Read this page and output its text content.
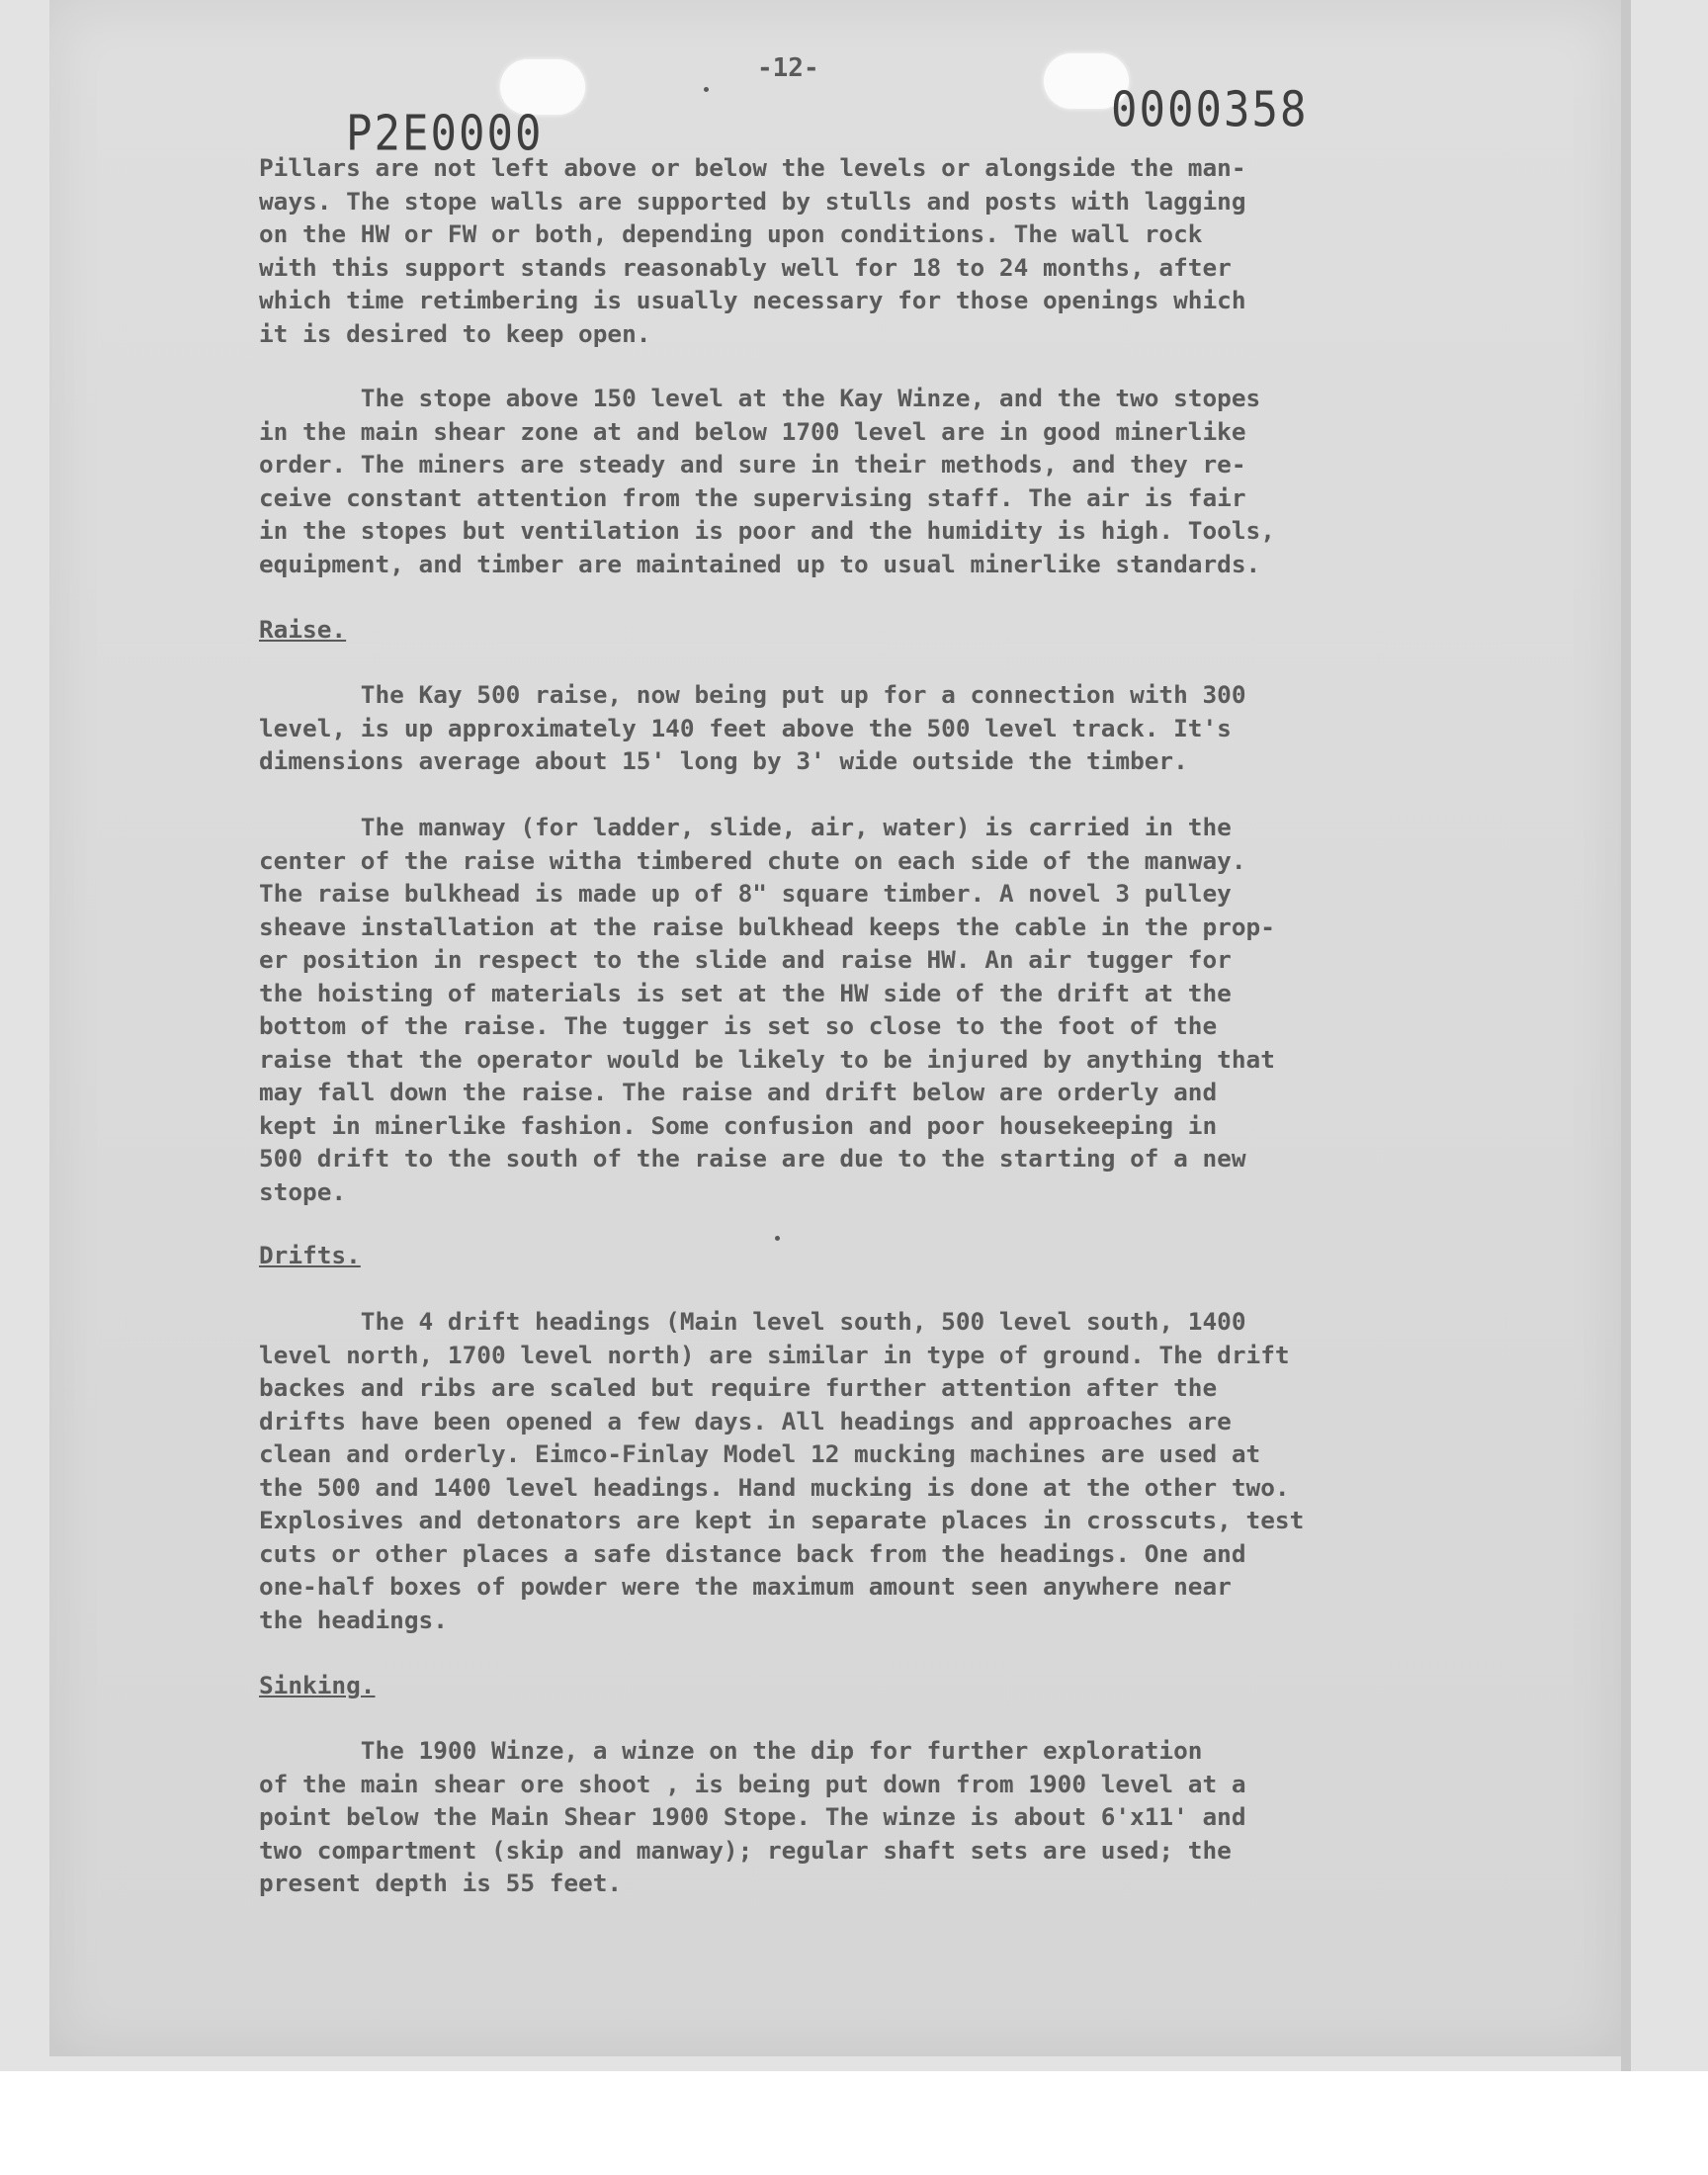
-12-
P2E0000	0000358
Pillars are not left above or below the levels or alongside the man-
ways. The stope walls are supported by stulls and posts with lagging
on the HW or FW or both, depending upon conditions. The wall rock
with this support stands reasonably well for 18 to 24 months, after
which time retimbering is usually necessary for those openings which
it is desired to keep open.
The stope above 150 level at the Kay Winze, and the two stopes
in the main shear zone at and below 1700 level are in good minerlike
order. The miners are steady and sure in their methods, and they re-
ceive constant attention from the supervising staff. The air is fair
in the stopes but ventilation is poor and the humidity is high. Tools,
equipment, and timber are maintained up to usual minerlike standards.
Raise.
The Kay 500 raise, now being put up for a connection with 300
level, is up approximately 140 feet above the 500 level track. It's
dimensions average about 15' long by 3' wide outside the timber.
The manway (for ladder, slide, air, water) is carried in the
center of the raise witha timbered chute on each side of the manway.
The raise bulkhead is made up of 8" square timber. A novel 3 pulley
sheave installation at the raise bulkhead keeps the cable in the prop-
er position in respect to the slide and raise HW. An air tugger for
the hoisting of materials is set at the HW side of the drift at the
bottom of the raise. The tugger is set so close to the foot of the
raise that the operator would be likely to be injured by anything that
may fall down the raise. The raise and drift below are orderly and
kept in minerlike fashion. Some confusion and poor housekeeping in
500 drift to the south of the raise are due to the starting of a new
stope.
Drifts.
The 4 drift headings (Main level south, 500 level south, 1400
level north, 1700 level north) are similar in type of ground. The drift
backes and ribs are scaled but require further attention after the
drifts have been opened a few days. All headings and approaches are
clean and orderly. Eimco-Finlay Model 12 mucking machines are used at
the 500 and 1400 level headings. Hand mucking is done at the other two.
Explosives and detonators are kept in separate places in crosscuts, test
cuts or other places a safe distance back from the headings. One and
one-half boxes of powder were the maximum amount seen anywhere near
the headings.
Sinking.
The 1900 Winze, a winze on the dip for further exploration
of the main shear ore shoot , is being put down from 1900 level at a
point below the Main Shear 1900 Stope. The winze is about 6'x11' and
two compartment (skip and manway); regular shaft sets are used; the
present depth is 55 feet.
